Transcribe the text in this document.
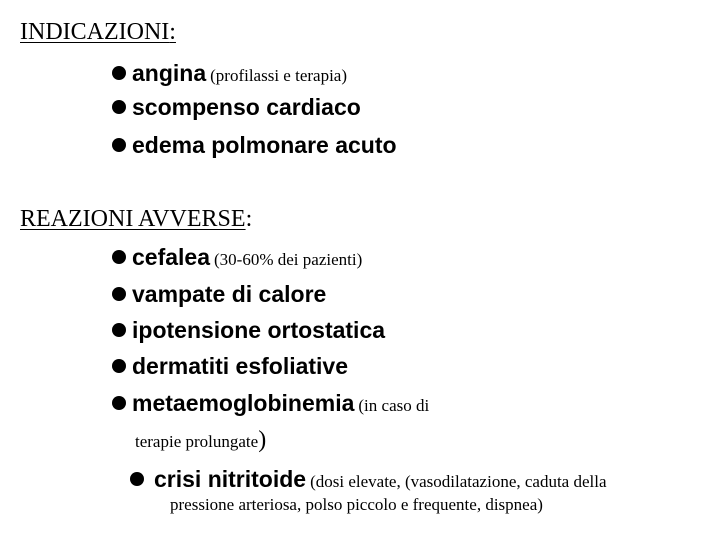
INDICAZIONI:
angina (profilassi e terapia)
scompenso cardiaco
edema polmonare acuto
REAZIONI AVVERSE:
cefalea (30-60% dei pazienti)
vampate di calore
ipotensione ortostatica
dermatiti esfoliative
metaemoglobinemia (in caso di
terapie prolungate)
crisi nitritoide (dosi elevate, (vasodilatazione, caduta della
pressione arteriosa, polso piccolo e frequente, dispnea)
